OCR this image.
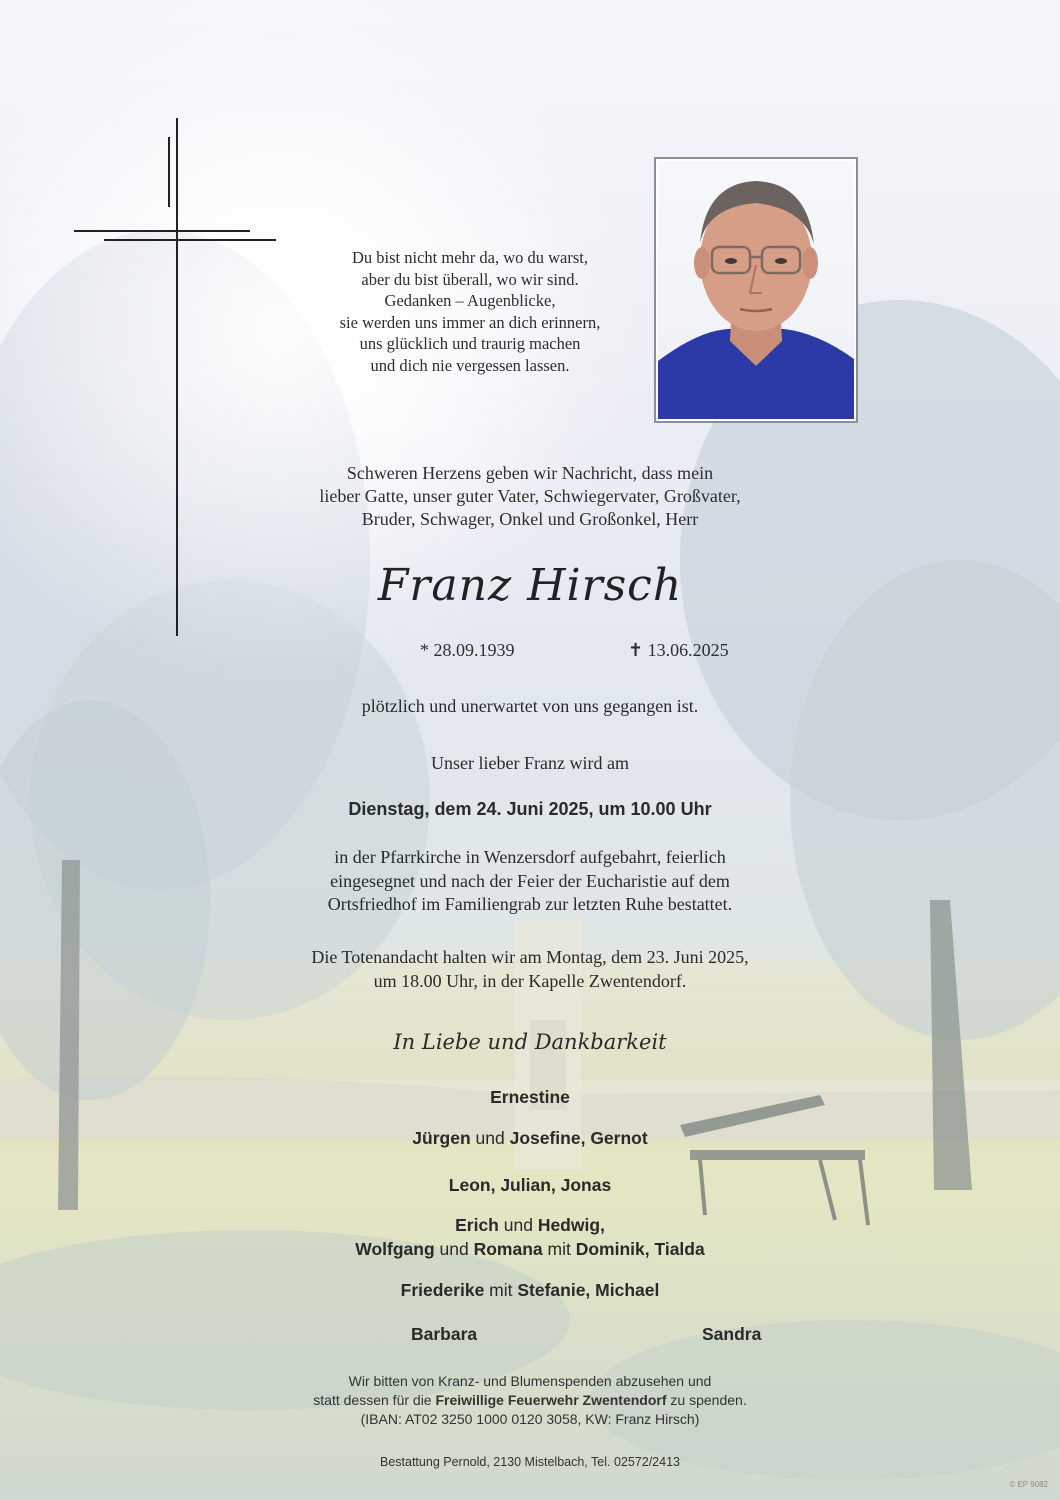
Du bist nicht mehr da, wo du warst,
aber du bist überall, wo wir sind.
Gedanken – Augenblicke,
sie werden uns immer an dich erinnern,
uns glücklich und traurig machen
und dich nie vergessen lassen.
Schweren Herzens geben wir Nachricht, dass mein
lieber Gatte, unser guter Vater, Schwiegervater, Großvater,
Bruder, Schwager, Onkel und Großonkel, Herr
Franz Hirsch
* 28.09.1939	✝ 13.06.2025
plötzlich und unerwartet von uns gegangen ist.
Unser lieber Franz wird am
Dienstag, dem 24. Juni 2025, um 10.00 Uhr
in der Pfarrkirche in Wenzersdorf aufgebahrt, feierlich
eingesegnet und nach der Feier der Eucharistie auf dem
Ortsfriedhof im Familiengrab zur letzten Ruhe bestattet.
Die Totenandacht halten wir am Montag, dem 23. Juni 2025,
um 18.00 Uhr, in der Kapelle Zwentendorf.
In Liebe und Dankbarkeit
Ernestine
Jürgen und Josefine, Gernot
Leon, Julian, Jonas
Erich und Hedwig,
Wolfgang und Romana mit Dominik, Tialda
Friederike mit Stefanie, Michael
Barbara	Sandra
Wir bitten von Kranz- und Blumenspenden abzusehen und
statt dessen für die Freiwillige Feuerwehr Zwentendorf zu spenden.
(IBAN: AT02 3250 1000 0120 3058, KW: Franz Hirsch)
Bestattung Pernold, 2130 Mistelbach, Tel. 02572/2413
© EP 9082
